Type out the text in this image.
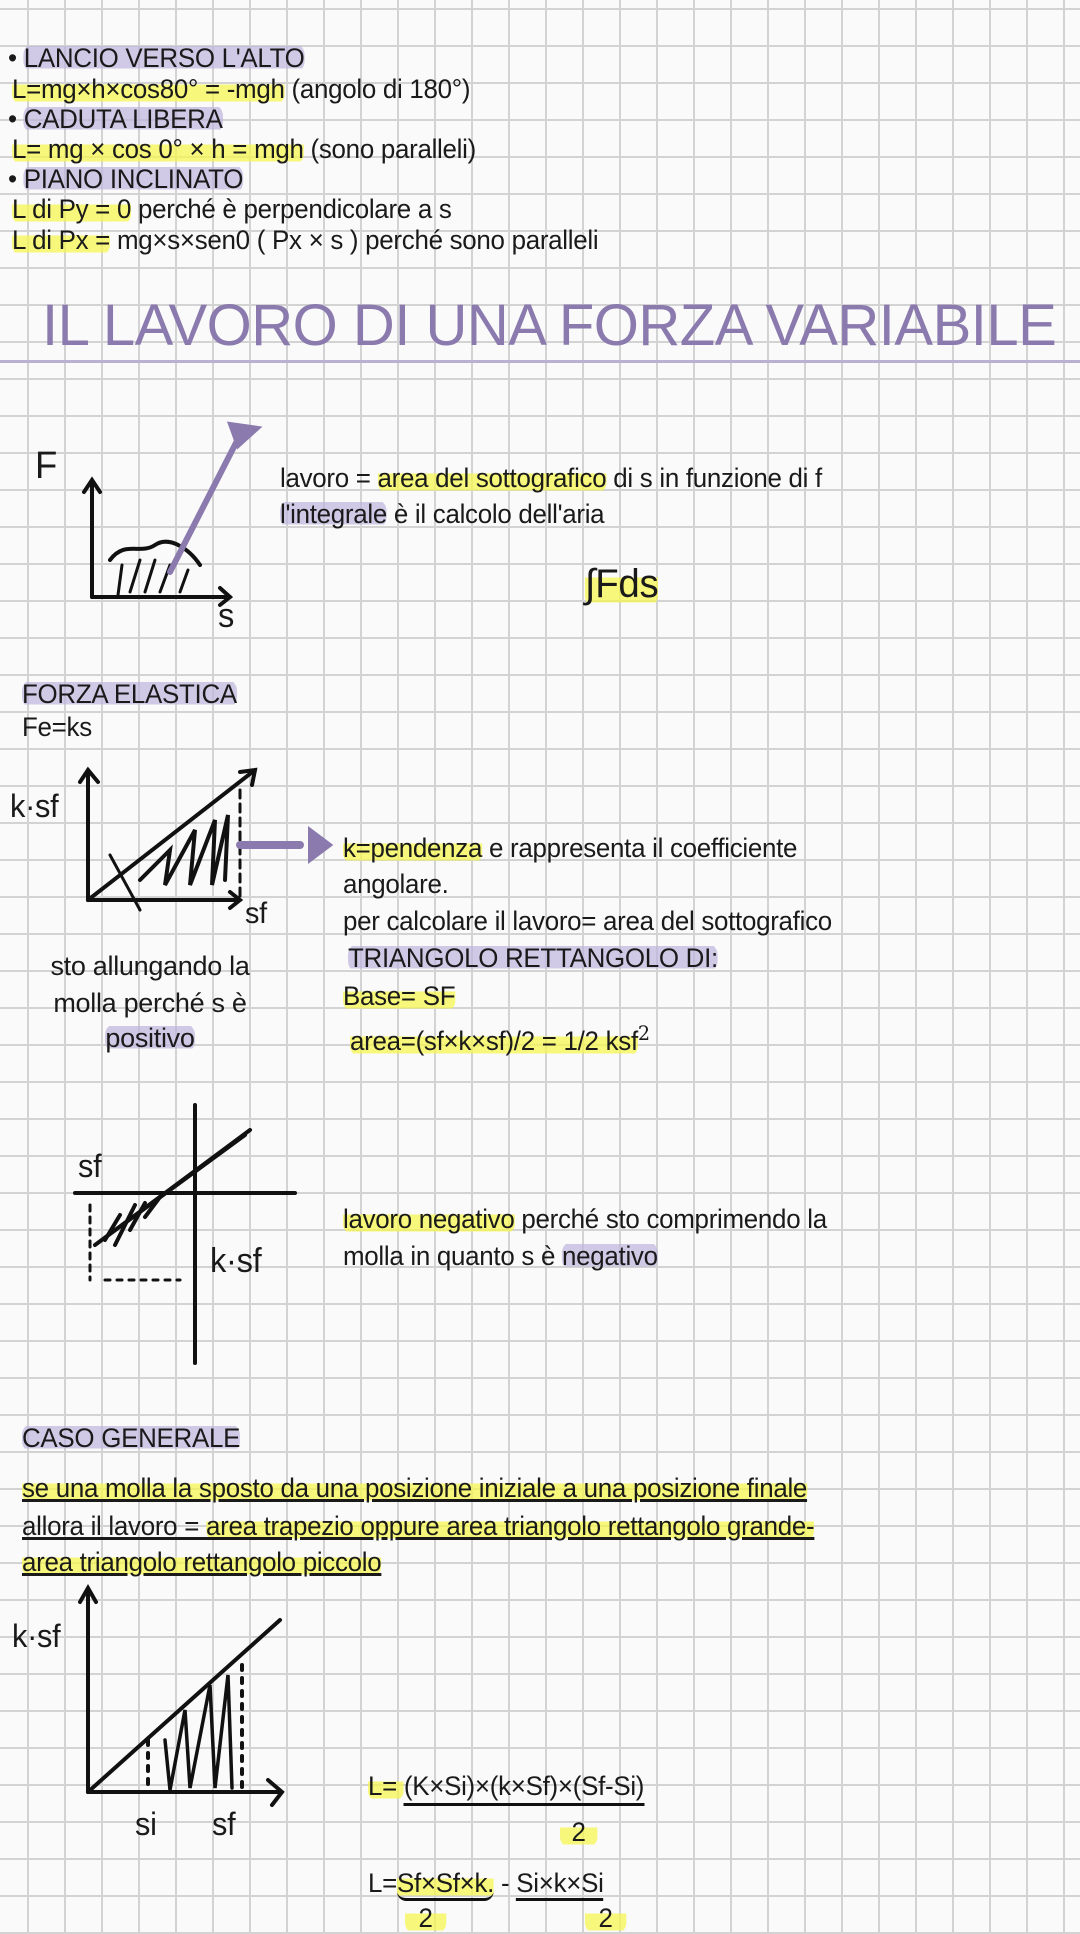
• LANCIO VERSO L'ALTO
L=mg×h×cos80° = -mgh (angolo di 180°)
• CADUTA LIBERA
L= mg × cos 0° × h = mgh (sono paralleli)
• PIANO INCLINATO
L di Py = 0 perché è perpendicolare a s
L di Px = mg×s×sen0 ( Px × s ) perché sono paralleli
IL LAVORO DI UNA FORZA VARIABILE
F
s
lavoro = area del sottografico di s in funzione di f
l'integrale è il calcolo dell'aria
∫Fds
FORZA ELASTICA
Fe=ks
k·sf
sf
sto allungando la
molla perché s è
positivo
k=pendenza e rappresenta il coefficiente
angolare.
per calcolare il lavoro= area del sottografico
TRIANGOLO RETTANGOLO DI:
Base= SF
area=(sf×k×sf)/2 = 1/2 ksf$^2$
sf
k·sf
lavoro negativo perché sto comprimendo la
molla in quanto s è negativo
CASO GENERALE
se una molla la sposto da una posizione iniziale a una posizione finale
allora il lavoro = area trapezio oppure area triangolo rettangolo grande-
area triangolo rettangolo piccolo
k·sf
si sf
L= (K×Si)×(k×Sf)×(Sf-Si)
2
L=Sf×Sf×k. - Si×k×Si
2	2
